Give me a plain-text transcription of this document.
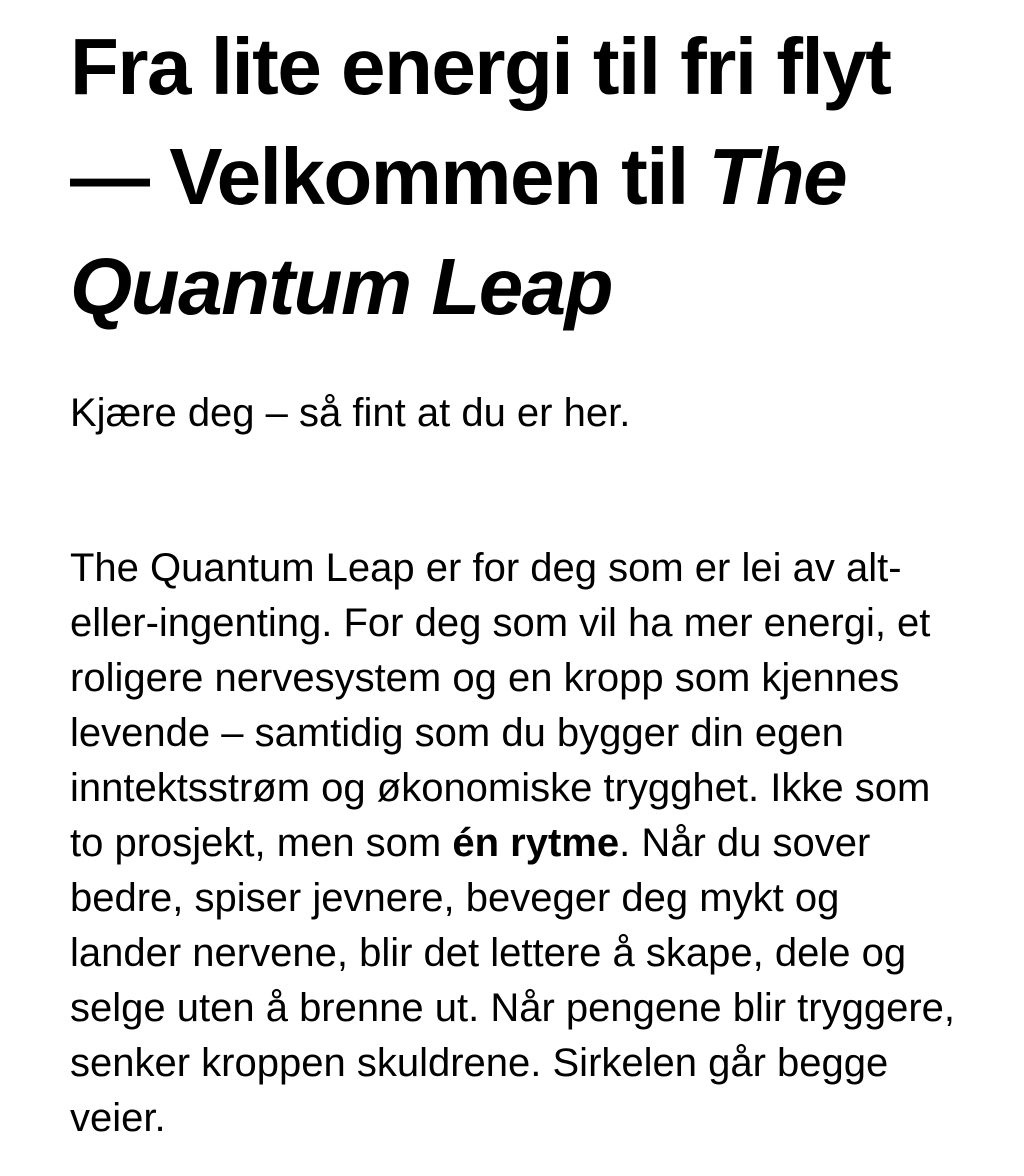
Fra lite energi til fri flyt — Velkommen til The Quantum Leap

Kjære deg – så fint at du er her.

The Quantum Leap er for deg som er lei av alt-eller-ingenting. For deg som vil ha mer energi, et roligere nervesystem og en kropp som kjennes levende – samtidig som du bygger din egen inntektsstrøm og økonomiske trygghet. Ikke som to prosjekt, men som én rytme. Når du sover bedre, spiser jevnere, beveger deg mykt og lander nervene, blir det lettere å skape, dele og selge uten å brenne ut. Når pengene blir tryggere, senker kroppen skuldrene. Sirkelen går begge veier.
